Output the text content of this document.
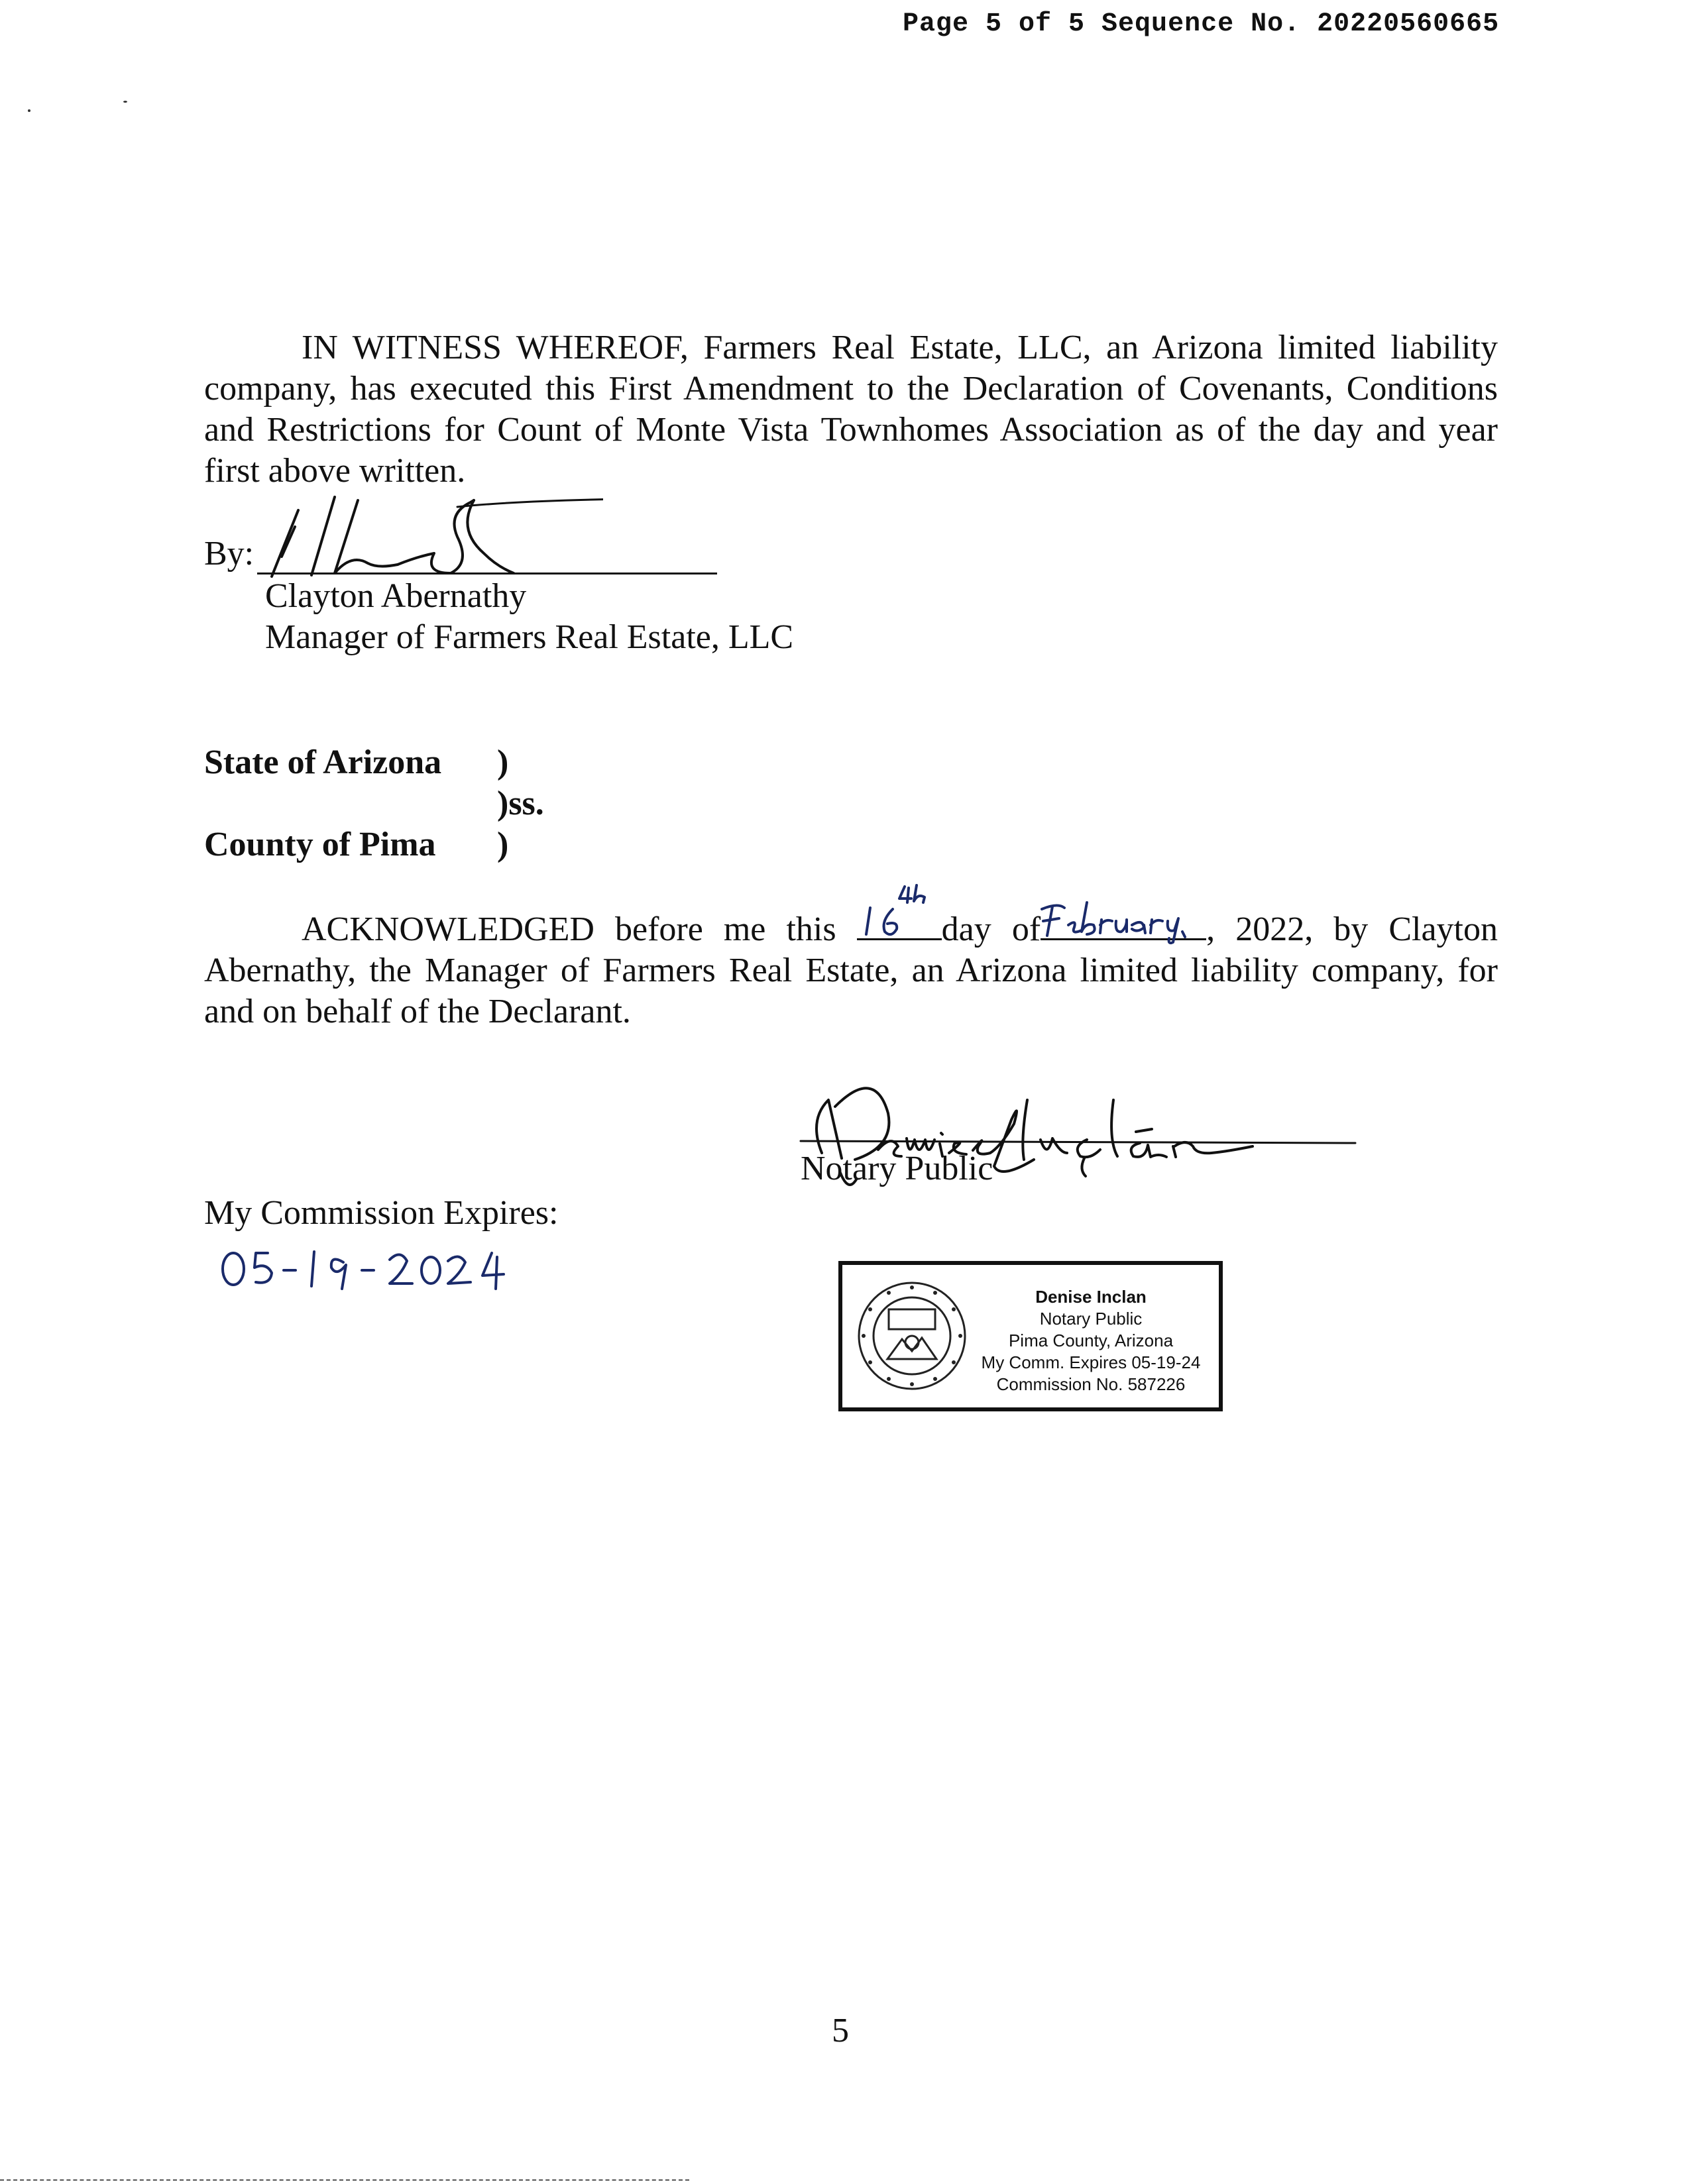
Page 5 of 5 Sequence No. 20220560665
IN WITNESS WHEREOF, Farmers Real Estate, LLC, an Arizona limited liability company, has executed this First Amendment to the Declaration of Covenants, Conditions and Restrictions for Count of Monte Vista Townhomes Association as of the day and year first above written.
By:
Clayton Abernathy
Manager of Farmers Real Estate, LLC
State of Arizona )
)ss.
County of Pima )
ACKNOWLEDGED before me this	day of	, 2022, by Clayton Abernathy, the Manager of Farmers Real Estate, an Arizona limited liability company, for and on behalf of the Declarant.
Notary Public
My Commission Expires:
Denise Inclan
Notary Public
Pima County, Arizona
My Comm. Expires 05-19-24
Commission No. 587226
5
